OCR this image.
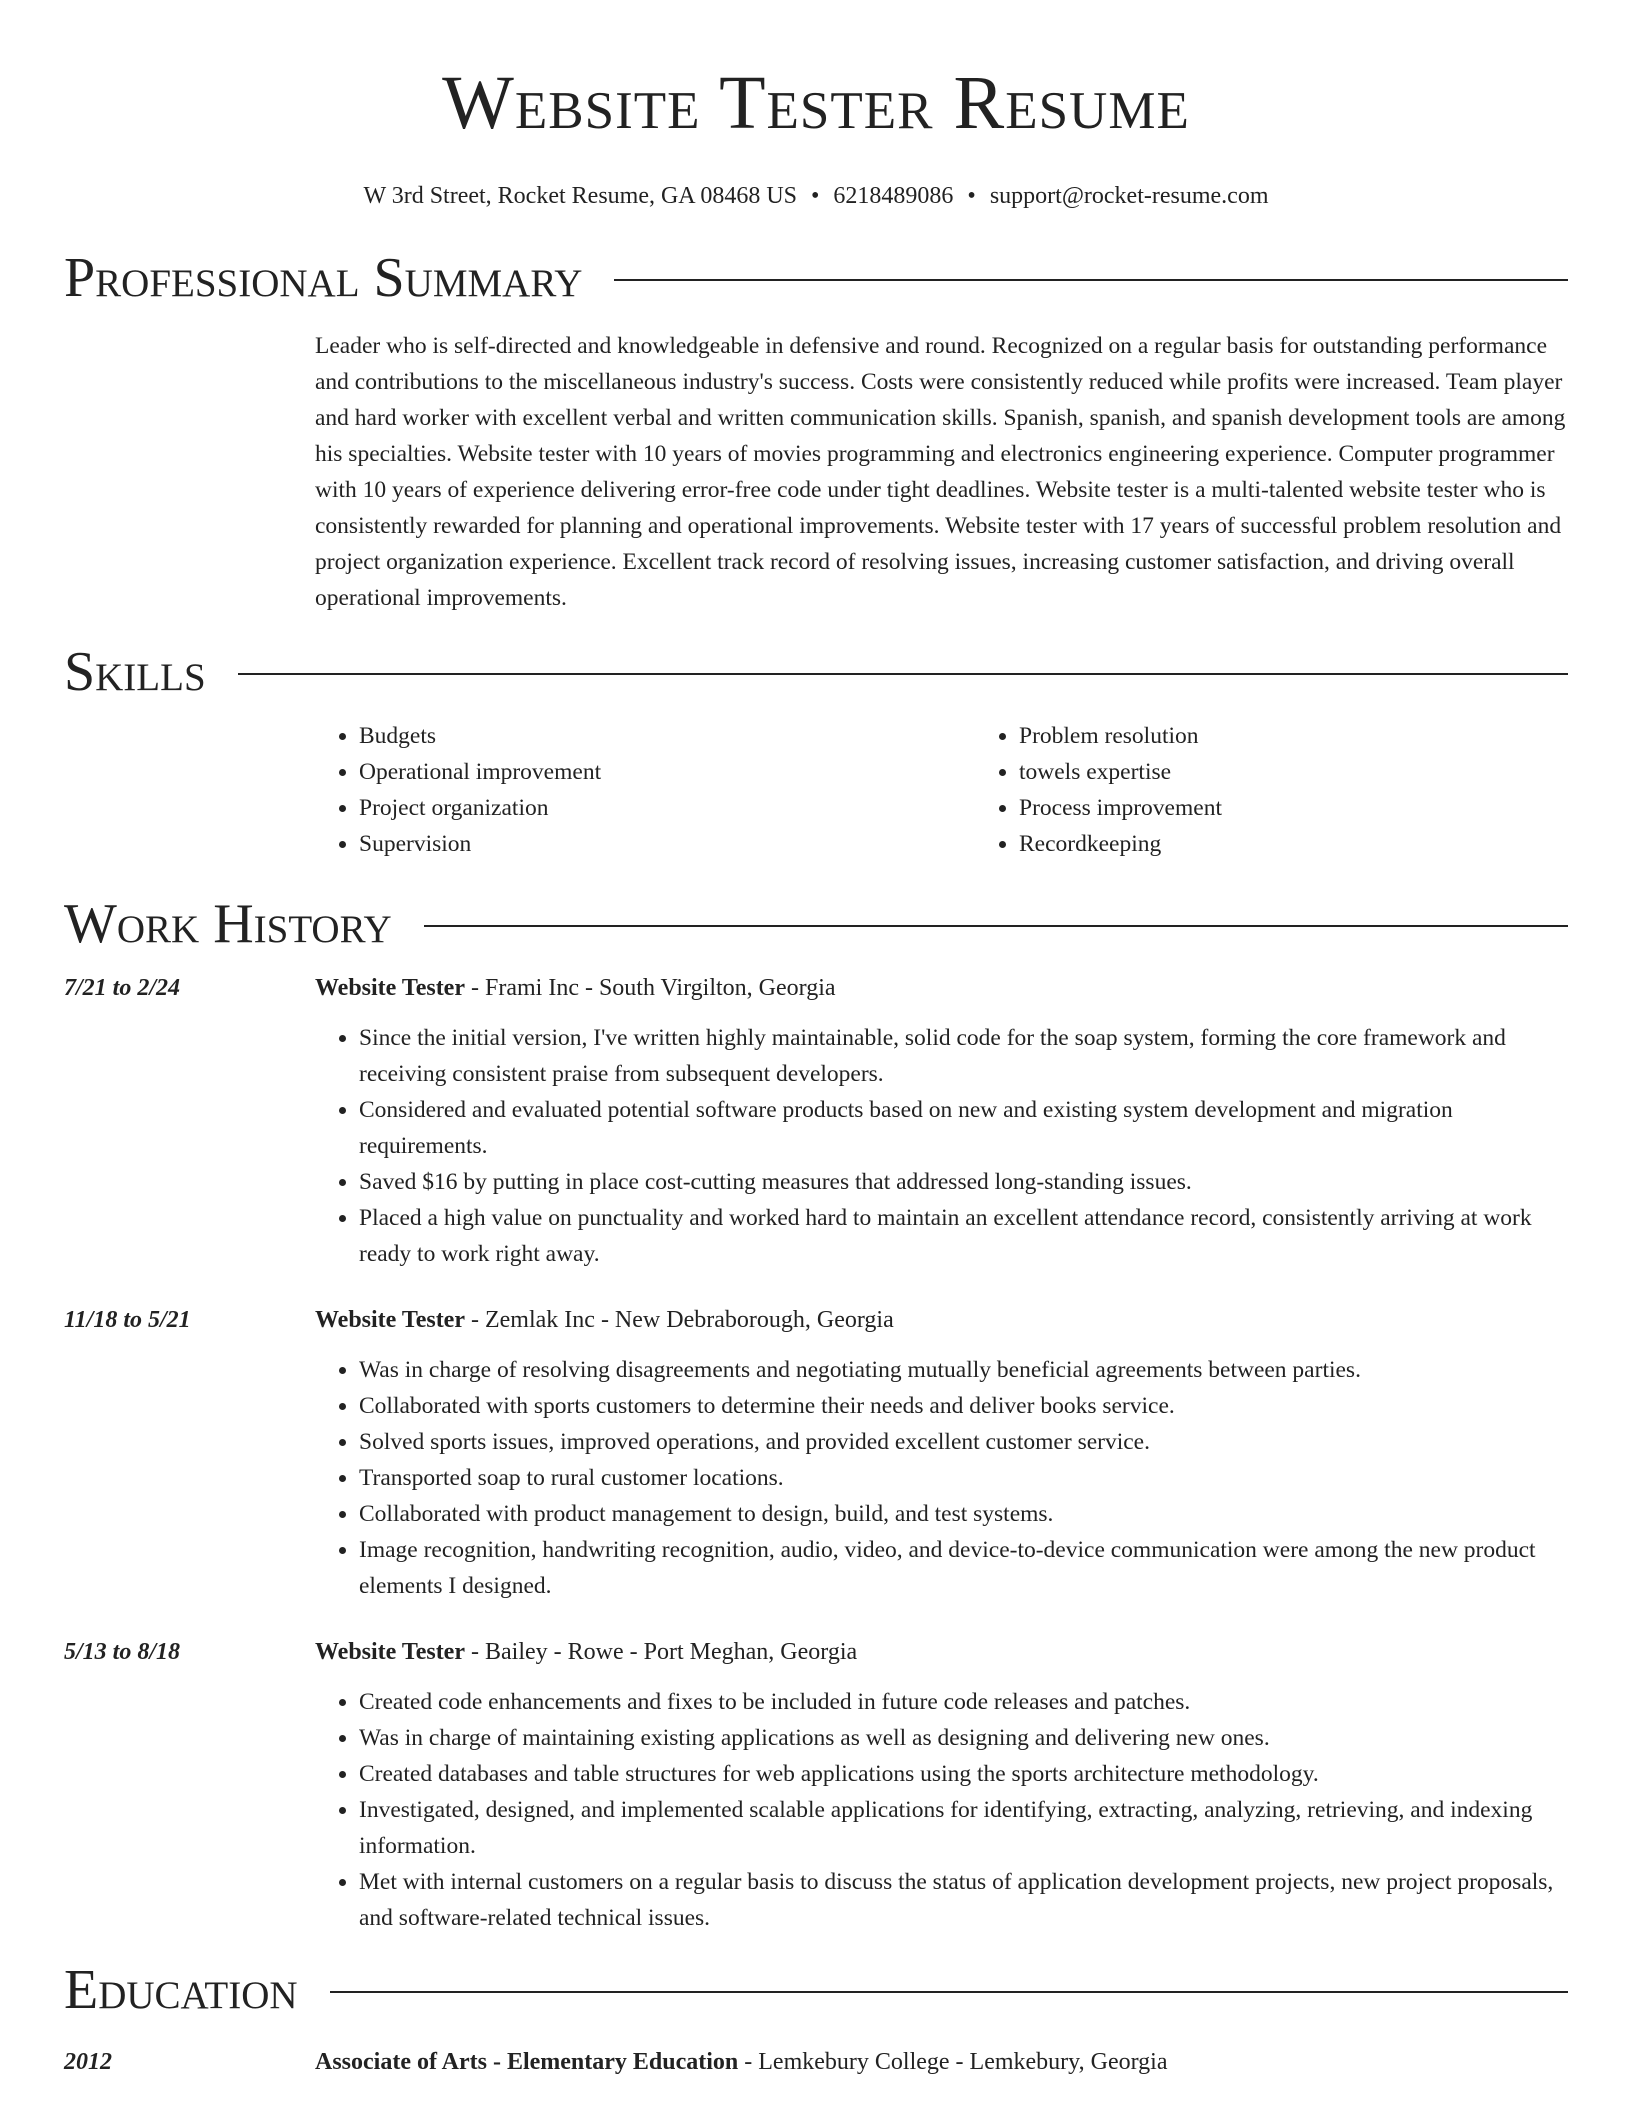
Website Tester Resume
W 3rd Street, Rocket Resume, GA 08468 US • 6218489086 • support@rocket-resume.com
Professional Summary

Leader who is self-directed and knowledgeable in defensive and round. Recognized on a regular basis for outstanding performance and contributions to the miscellaneous industry's success. Costs were consistently reduced while profits were increased. Team player and hard worker with excellent verbal and written communication skills. Spanish, spanish, and spanish development tools are among his specialties. Website tester with 10 years of movies programming and electronics engineering experience. Computer programmer with 10 years of experience delivering error-free code under tight deadlines. Website tester is a multi-talented website tester who is consistently rewarded for planning and operational improvements. Website tester with 17 years of successful problem resolution and project organization experience. Excellent track record of resolving issues, increasing customer satisfaction, and driving overall operational improvements.

Skills
• Budgets
• Operational improvement
• Project organization
• Supervision
• Problem resolution
• towels expertise
• Process improvement
• Recordkeeping
Work History
7/21 to 2/24	Website Tester - Frami Inc - South Virgilton, Georgia
• Since the initial version, I've written highly maintainable, solid code for the soap system, forming the core framework and receiving consistent praise from subsequent developers.
• Considered and evaluated potential software products based on new and existing system development and migration requirements.
• Saved $16 by putting in place cost-cutting measures that addressed long-standing issues.
• Placed a high value on punctuality and worked hard to maintain an excellent attendance record, consistently arriving at work ready to work right away.
11/18 to 5/21	Website Tester - Zemlak Inc - New Debraborough, Georgia
• Was in charge of resolving disagreements and negotiating mutually beneficial agreements between parties.
• Collaborated with sports customers to determine their needs and deliver books service.
• Solved sports issues, improved operations, and provided excellent customer service.
• Transported soap to rural customer locations.
• Collaborated with product management to design, build, and test systems.
• Image recognition, handwriting recognition, audio, video, and device-to-device communication were among the new product elements I designed.
5/13 to 8/18	Website Tester - Bailey - Rowe - Port Meghan, Georgia
• Created code enhancements and fixes to be included in future code releases and patches.
• Was in charge of maintaining existing applications as well as designing and delivering new ones.
• Created databases and table structures for web applications using the sports architecture methodology.
• Investigated, designed, and implemented scalable applications for identifying, extracting, analyzing, retrieving, and indexing information.
• Met with internal customers on a regular basis to discuss the status of application development projects, new project proposals, and software-related technical issues.
Education
2012	Associate of Arts - Elementary Education - Lemkebury College - Lemkebury, Georgia
